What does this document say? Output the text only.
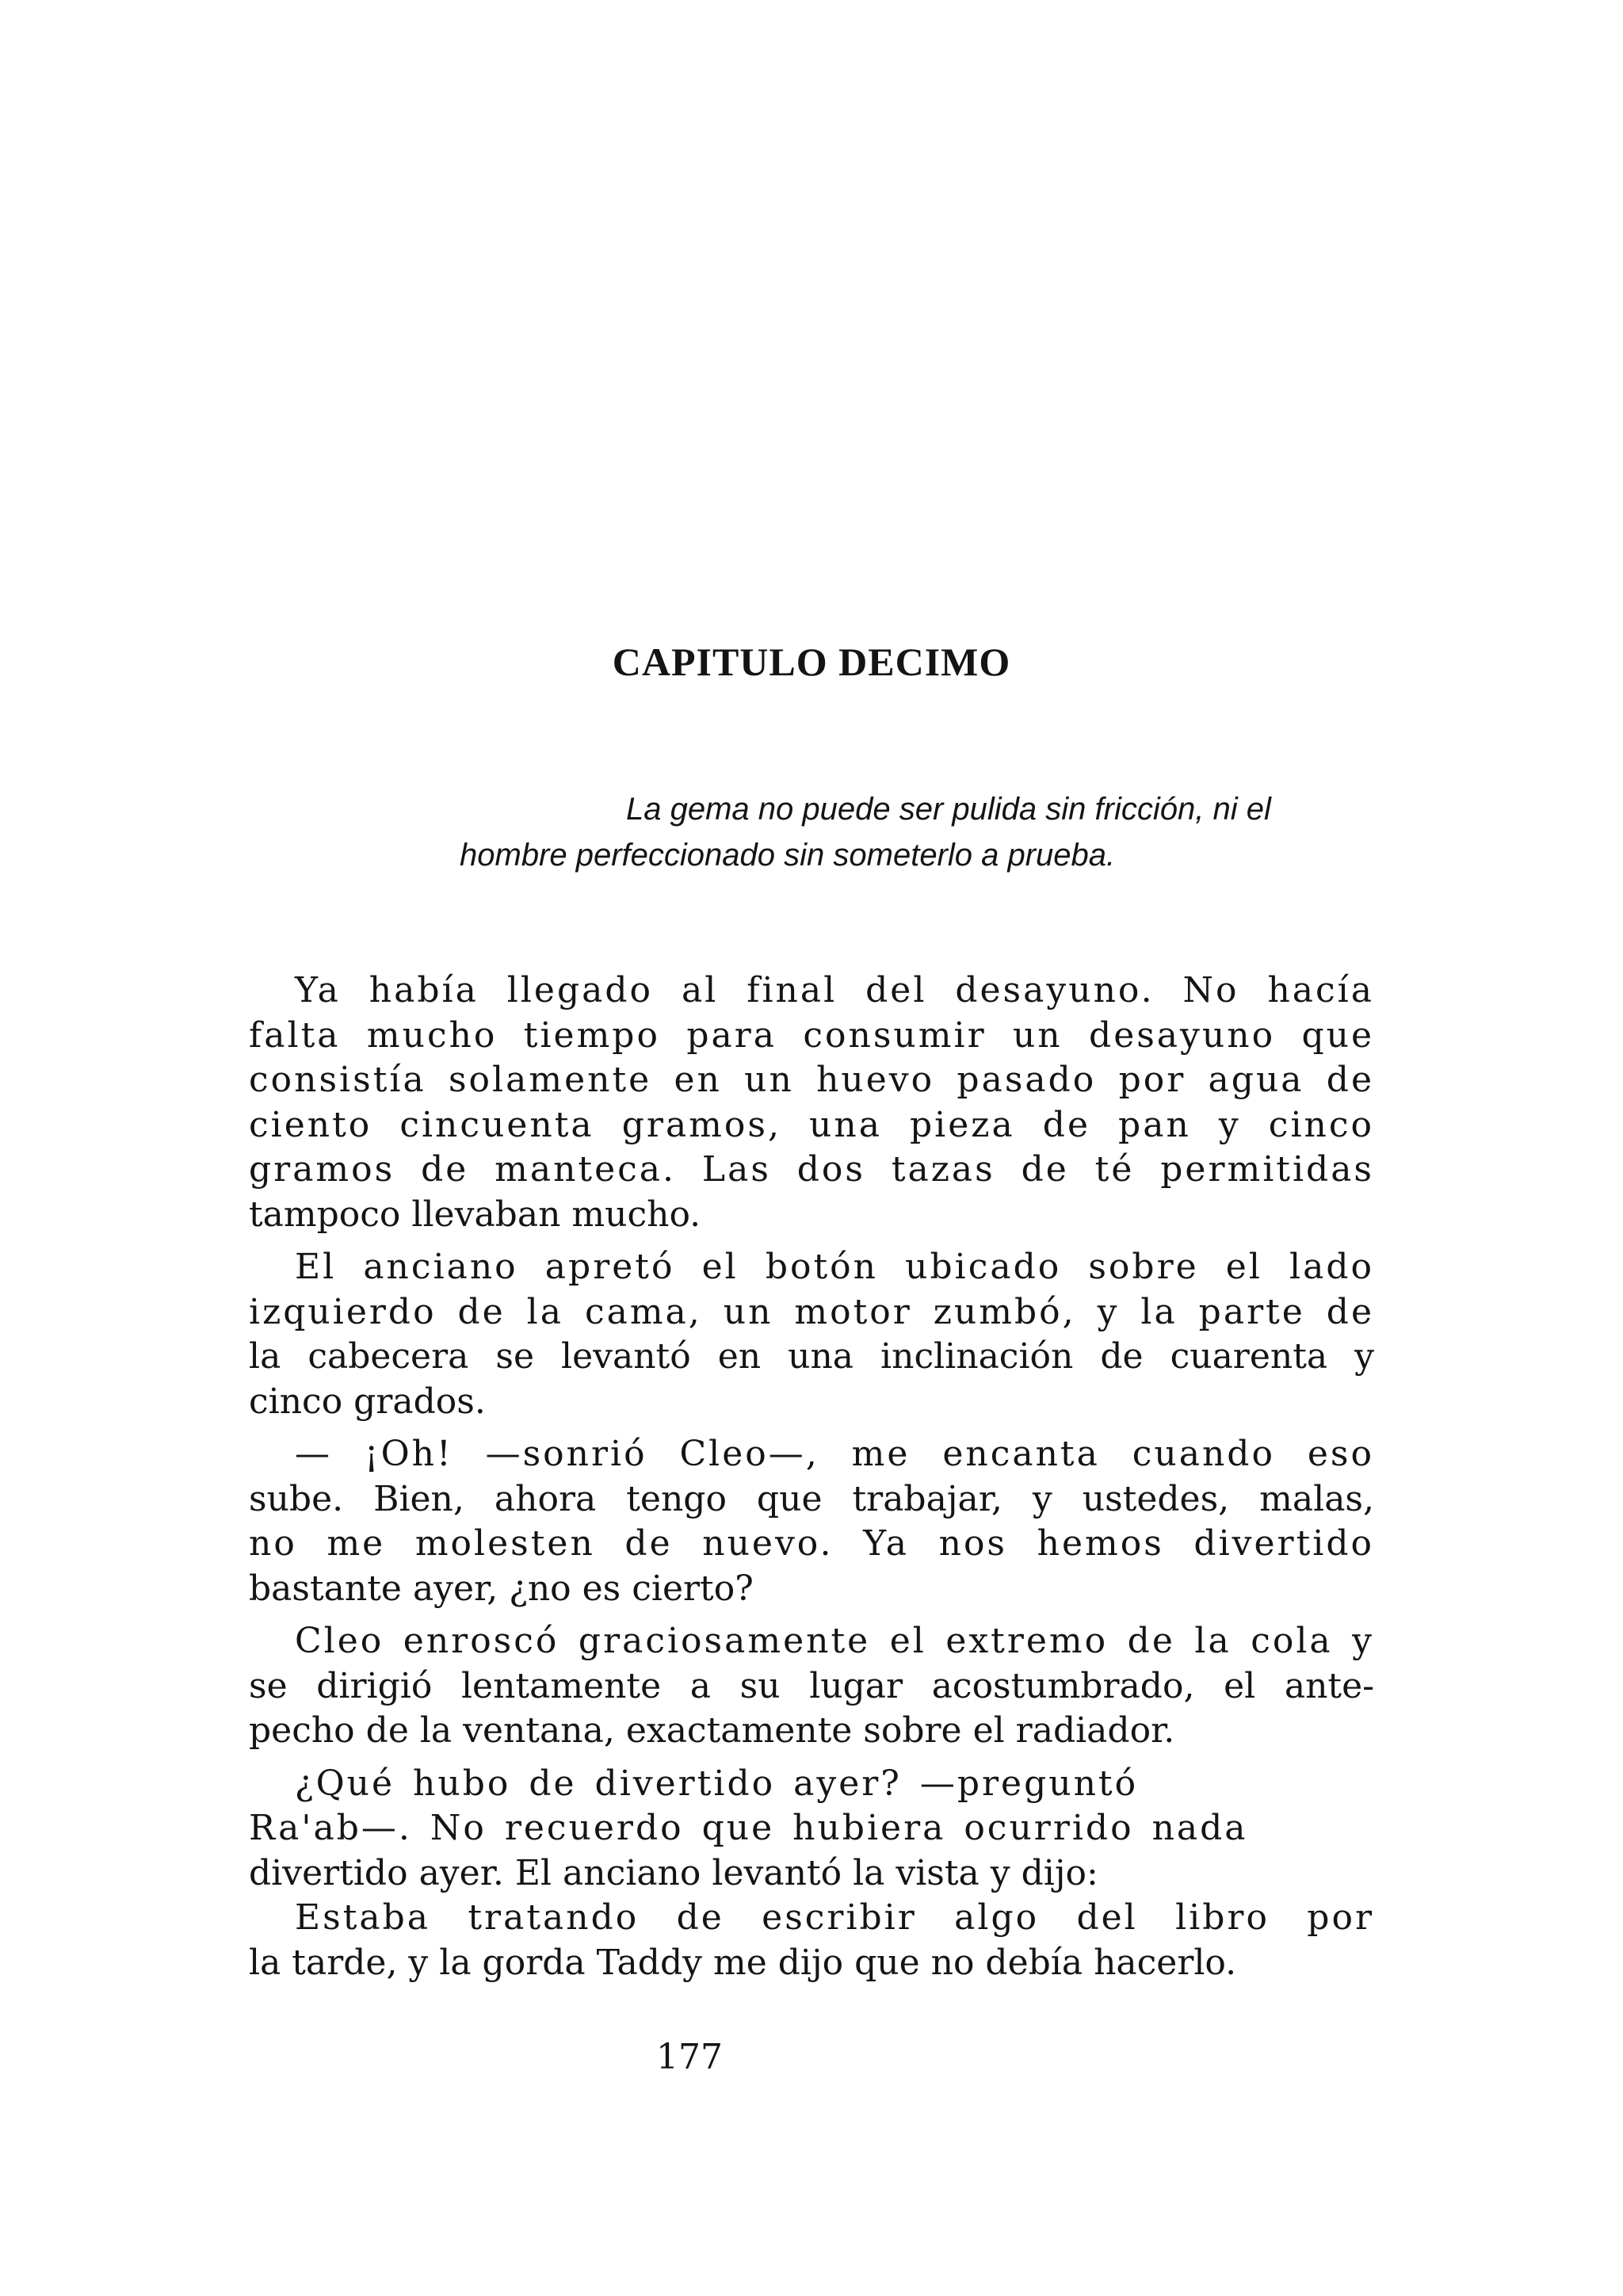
CAPITULO DECIMO
La gema no puede ser pulida sin fricción, ni el
hombre perfeccionado sin someterlo a prueba.
Ya había llegado al final del desayuno. No hacía
falta mucho tiempo para consumir un desayuno que
consistía solamente en un huevo pasado por agua de
ciento cincuenta gramos, una pieza de pan y cinco
gramos de manteca. Las dos tazas de té permitidas
tampoco llevaban mucho.
El anciano apretó el botón ubicado sobre el lado
izquierdo de la cama, un motor zumbó, y la parte de
la cabecera se levantó en una inclinación de cuarenta y
cinco grados.
— ¡Oh! —sonrió Cleo—, me encanta cuando eso
sube. Bien, ahora tengo que trabajar, y ustedes, malas,
no me molesten de nuevo. Ya nos hemos divertido
bastante ayer, ¿no es cierto?
Cleo enroscó graciosamente el extremo de la cola y
se dirigió lentamente a su lugar acostumbrado, el ante-
pecho de la ventana, exactamente sobre el radiador.
¿Qué hubo de divertido ayer? —preguntó
Ra'ab—. No recuerdo que hubiera ocurrido nada
divertido ayer. El anciano levantó la vista y dijo:
Estaba tratando de escribir algo del libro por
la tarde, y la gorda Taddy me dijo que no debía hacerlo.
177
